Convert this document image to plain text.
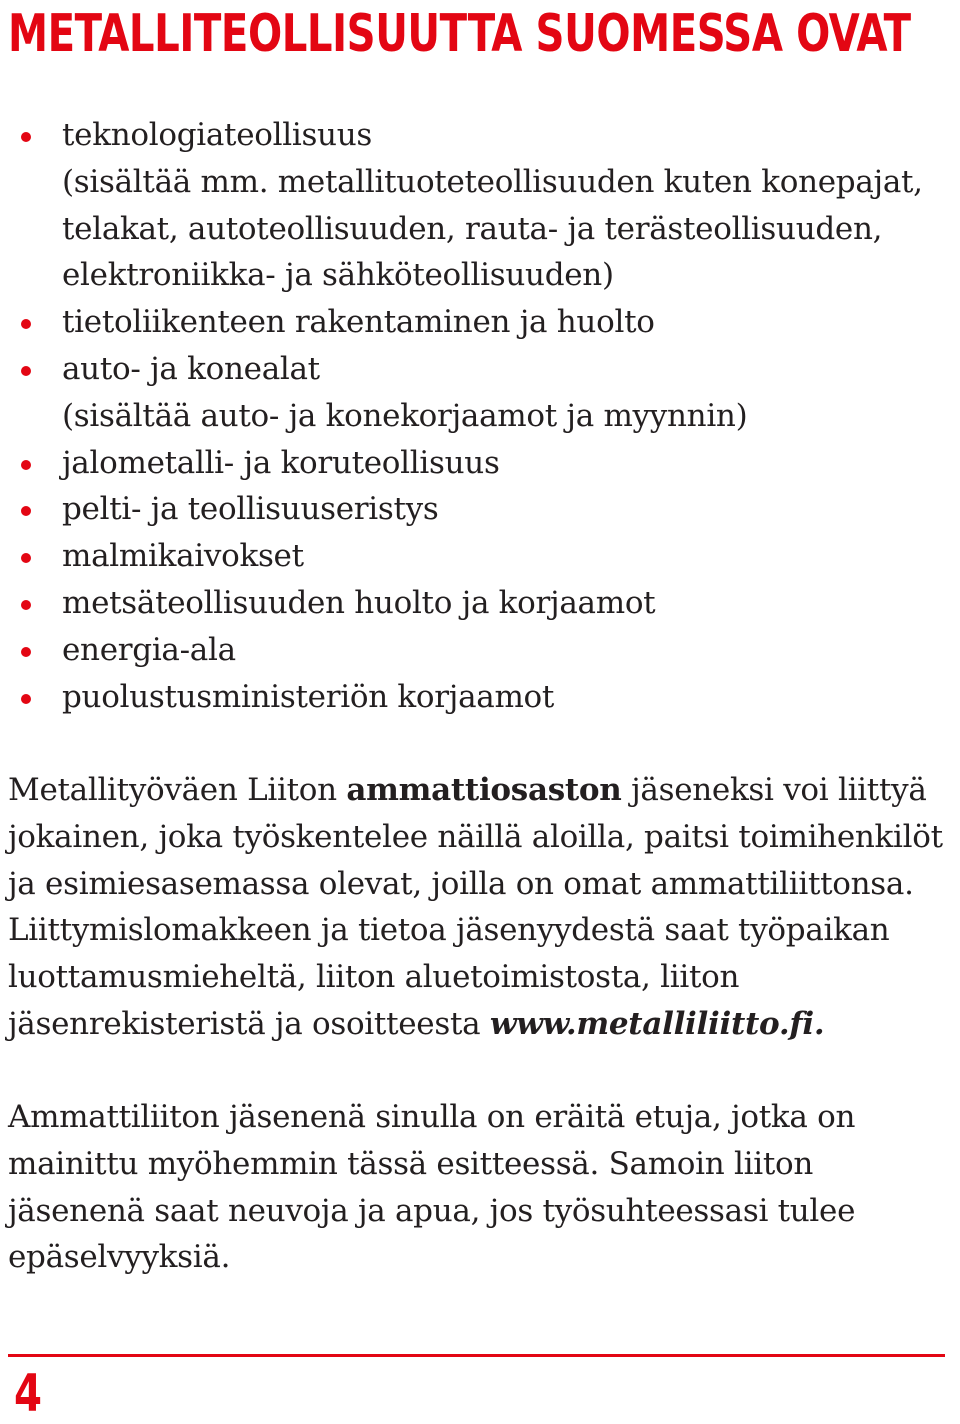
METALLITEOLLISUUTTA SUOMESSA OVAT
teknologiateollisuus
(sisältää mm. metallituoteteollisuuden kuten konepajat,
telakat, autoteollisuuden, rauta- ja terästeollisuuden,
elektroniikka- ja sähköteollisuuden)
tietoliikenteen rakentaminen ja huolto
auto- ja konealat
(sisältää auto- ja konekorjaamot ja myynnin)
jalometalli- ja koruteollisuus
pelti- ja teollisuuseristys
malmikaivokset
metsäteollisuuden huolto ja korjaamot
energia-ala
puolustusministeriön korjaamot

Metallityöväen Liiton ammattiosaston jäseneksi voi liittyä jokainen, joka työskentelee näillä aloilla, paitsi toimihenkilöt ja esimiesasemassa olevat, joilla on omat ammattiliittonsa. Liittymislomakkeen ja tietoa jäsenyydestä saat työpaikan luottamusmieheltä, liiton aluetoimistosta, liiton jäsenrekisteristä ja osoitteesta www.metalliliitto.fi.

Ammattiliiton jäsenenä sinulla on eräitä etuja, jotka on mainittu myöhemmin tässä esitteessä. Samoin liiton jäsenenä saat neuvoja ja apua, jos työsuhteessasi tulee epäselvyyksiä.

4
